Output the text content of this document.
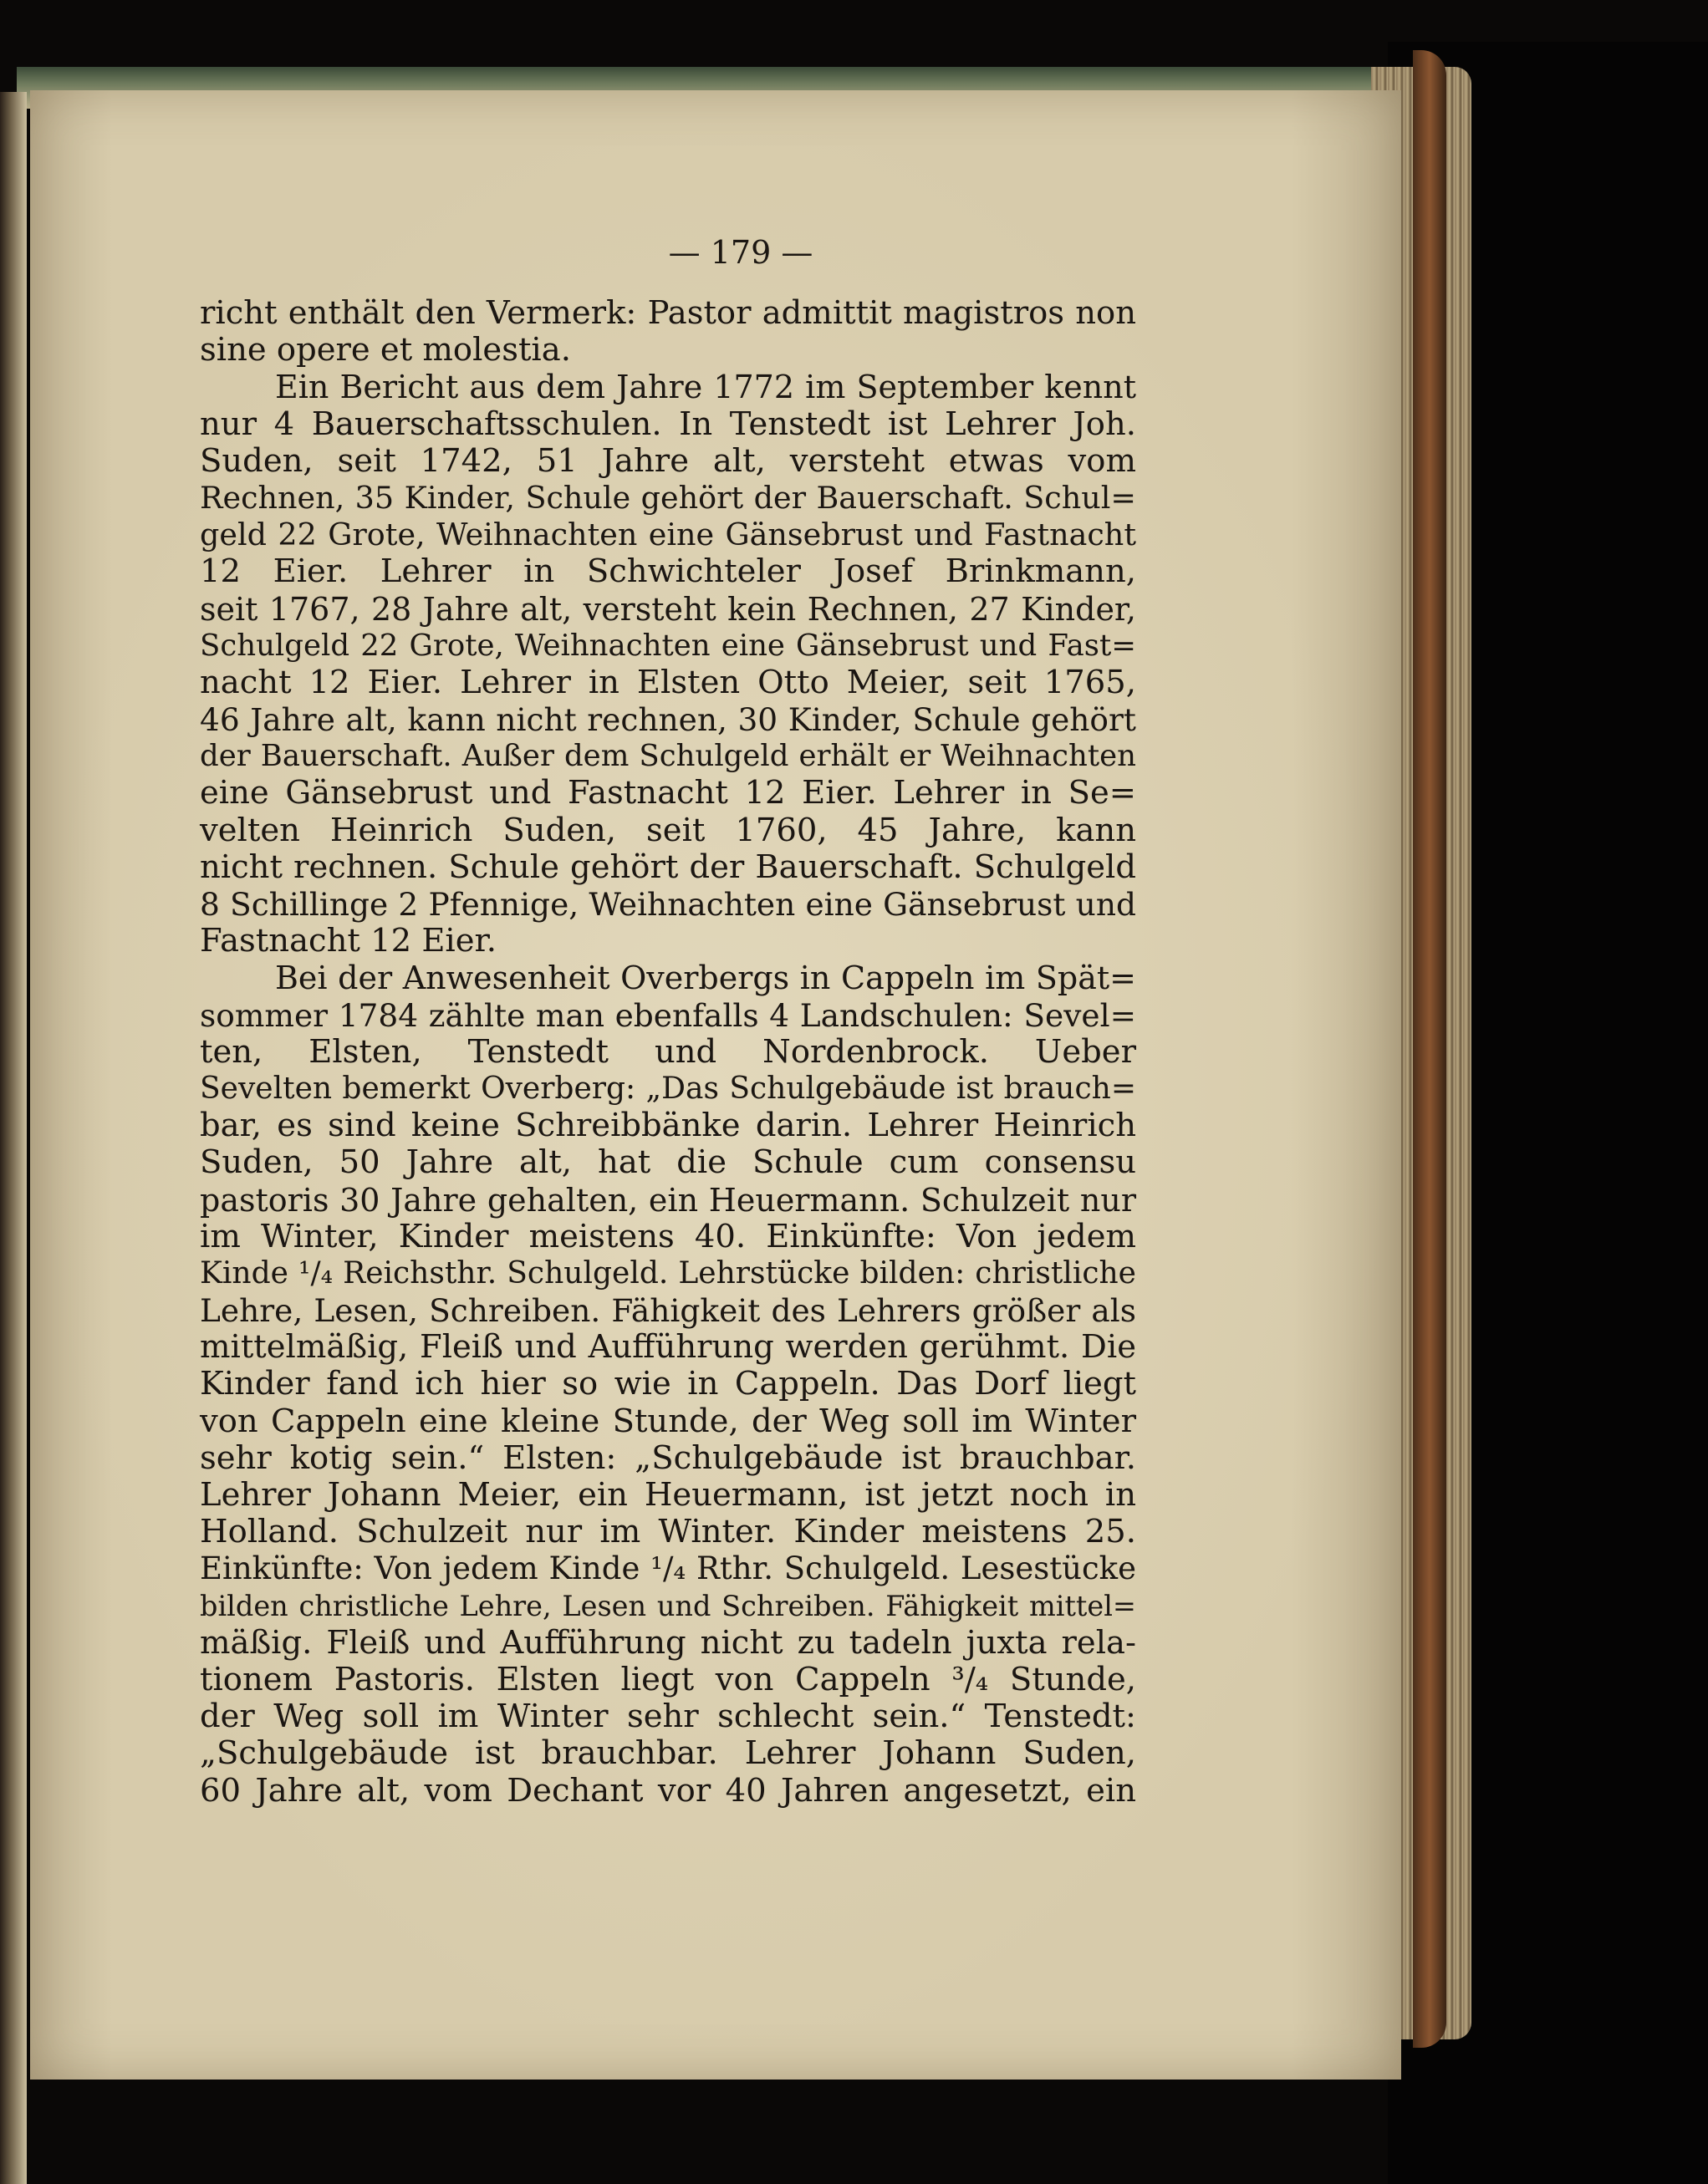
— 179 —
richt enthält den Vermerk: Pastor admittit magistros non
sine opere et molestia.
Ein Bericht aus dem Jahre 1772 im September kennt
nur 4 Bauerschaftsschulen. In Tenstedt ist Lehrer Joh.
Suden, seit 1742, 51 Jahre alt, versteht etwas vom
Rechnen, 35 Kinder, Schule gehört der Bauerschaft. Schul=
geld 22 Grote, Weihnachten eine Gänsebrust und Fastnacht
12 Eier. Lehrer in Schwichteler Josef Brinkmann,
seit 1767, 28 Jahre alt, versteht kein Rechnen, 27 Kinder,
Schulgeld 22 Grote, Weihnachten eine Gänsebrust und Fast=
nacht 12 Eier. Lehrer in Elsten Otto Meier, seit 1765,
46 Jahre alt, kann nicht rechnen, 30 Kinder, Schule gehört
der Bauerschaft. Außer dem Schulgeld erhält er Weihnachten
eine Gänsebrust und Fastnacht 12 Eier. Lehrer in Se=
velten Heinrich Suden, seit 1760, 45 Jahre, kann
nicht rechnen. Schule gehört der Bauerschaft. Schulgeld
8 Schillinge 2 Pfennige, Weihnachten eine Gänsebrust und
Fastnacht 12 Eier.
Bei der Anwesenheit Overbergs in Cappeln im Spät=
sommer 1784 zählte man ebenfalls 4 Landschulen: Sevel=
ten, Elsten, Tenstedt und Nordenbrock. Ueber
Sevelten bemerkt Overberg: „Das Schulgebäude ist brauch=
bar, es sind keine Schreibbänke darin. Lehrer Heinrich
Suden, 50 Jahre alt, hat die Schule cum consensu
pastoris 30 Jahre gehalten, ein Heuermann. Schulzeit nur
im Winter, Kinder meistens 40. Einkünfte: Von jedem
Kinde ¹/₄ Reichsthr. Schulgeld. Lehrstücke bilden: christliche
Lehre, Lesen, Schreiben. Fähigkeit des Lehrers größer als
mittelmäßig, Fleiß und Aufführung werden gerühmt. Die
Kinder fand ich hier so wie in Cappeln. Das Dorf liegt
von Cappeln eine kleine Stunde, der Weg soll im Winter
sehr kotig sein.“ Elsten: „Schulgebäude ist brauchbar.
Lehrer Johann Meier, ein Heuermann, ist jetzt noch in
Holland. Schulzeit nur im Winter. Kinder meistens 25.
Einkünfte: Von jedem Kinde ¹/₄ Rthr. Schulgeld. Lesestücke
bilden christliche Lehre, Lesen und Schreiben. Fähigkeit mittel=
mäßig. Fleiß und Aufführung nicht zu tadeln juxta rela-
tionem Pastoris. Elsten liegt von Cappeln ³/₄ Stunde,
der Weg soll im Winter sehr schlecht sein.“ Tenstedt:
„Schulgebäude ist brauchbar. Lehrer Johann Suden,
60 Jahre alt, vom Dechant vor 40 Jahren angesetzt, ein
